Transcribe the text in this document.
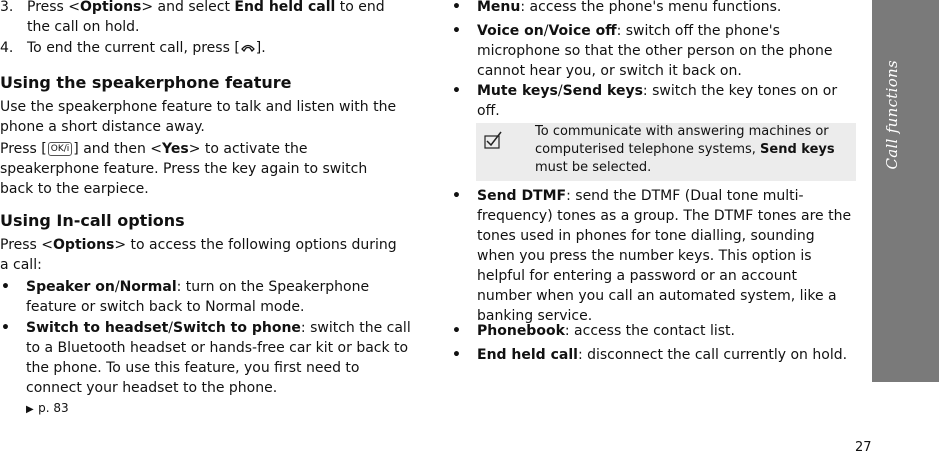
3. Press <Options> and select End held call to end the call on hold.

4. To end the current call, press [ ].

Using the speakerphone feature

Use the speakerphone feature to talk and listen with the phone a short distance away.

Press [ OK/i ] and then <Yes> to activate the speakerphone feature. Press the key again to switch back to the earpiece.

Using In-call options

Press <Options> to access the following options during a call:

• Speaker on/Normal: turn on the Speakerphone feature or switch back to Normal mode.

• Switch to headset/Switch to phone: switch the call to a Bluetooth headset or hands-free car kit or back to the phone. To use this feature, you first need to connect your headset to the phone.
▶ p. 83

• Menu: access the phone's menu functions.

• Voice on/Voice off: switch off the phone's microphone so that the other person on the phone cannot hear you, or switch it back on.

• Mute keys/Send keys: switch the key tones on or off.

To communicate with answering machines or computerised telephone systems, Send keys must be selected.

• Send DTMF: send the DTMF (Dual tone multi-frequency) tones as a group. The DTMF tones are the tones used in phones for tone dialling, sounding when you press the number keys. This option is helpful for entering a password or an account number when you call an automated system, like a banking service.

• Phonebook: access the contact list.

• End held call: disconnect the call currently on hold.

Call functions
27
